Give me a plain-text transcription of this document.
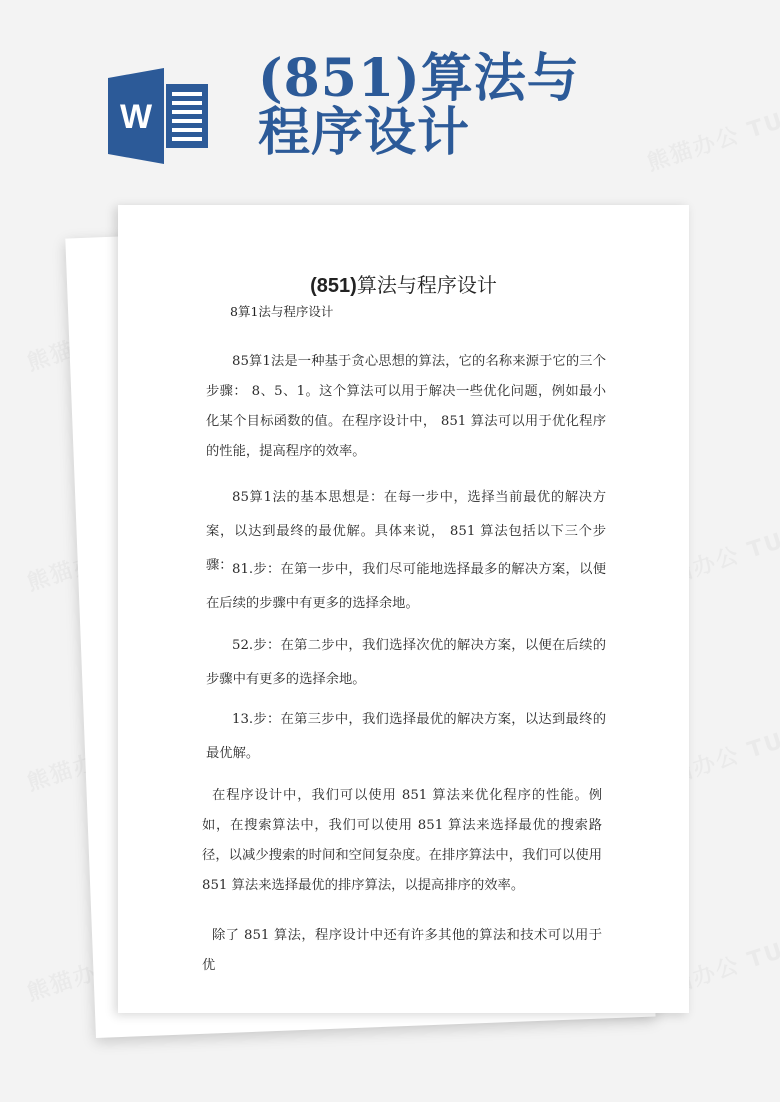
W
(851)算法与
程序设计
(851)算法与程序设计
8算1法与程序设计
85算1法是一种基于贪心思想的算法，它的名称来源于它的三个步骤： 8、5、1。这个算法可以用于解决一些优化问题，例如最小化某个目标函数的值。在程序设计中， 851 算法可以用于优化程序的性能，提高程序的效率。
85算1法的基本思想是：在每一步中，选择当前最优的解决方案，以达到最终的最优解。具体来说， 851 算法包括以下三个步骤： 81.步：在第一步中，我们尽可能地选择最多的解决方案，以便在后续的步骤中有更多的选择余地。
52.步：在第二步中，我们选择次优的解决方案，以便在后续的步骤中有更多的选择余地。
13.步：在第三步中，我们选择最优的解决方案，以达到最终的最优解。
在程序设计中，我们可以使用 851 算法来优化程序的性能。例如，在搜索算法中，我们可以使用 851 算法来选择最优的搜索路径，以减少搜索的时间和空间复杂度。在排序算法中，我们可以使用 851 算法来选择最优的排序算法，以提高排序的效率。
除了 851 算法，程序设计中还有许多其他的算法和技术可以用于优
